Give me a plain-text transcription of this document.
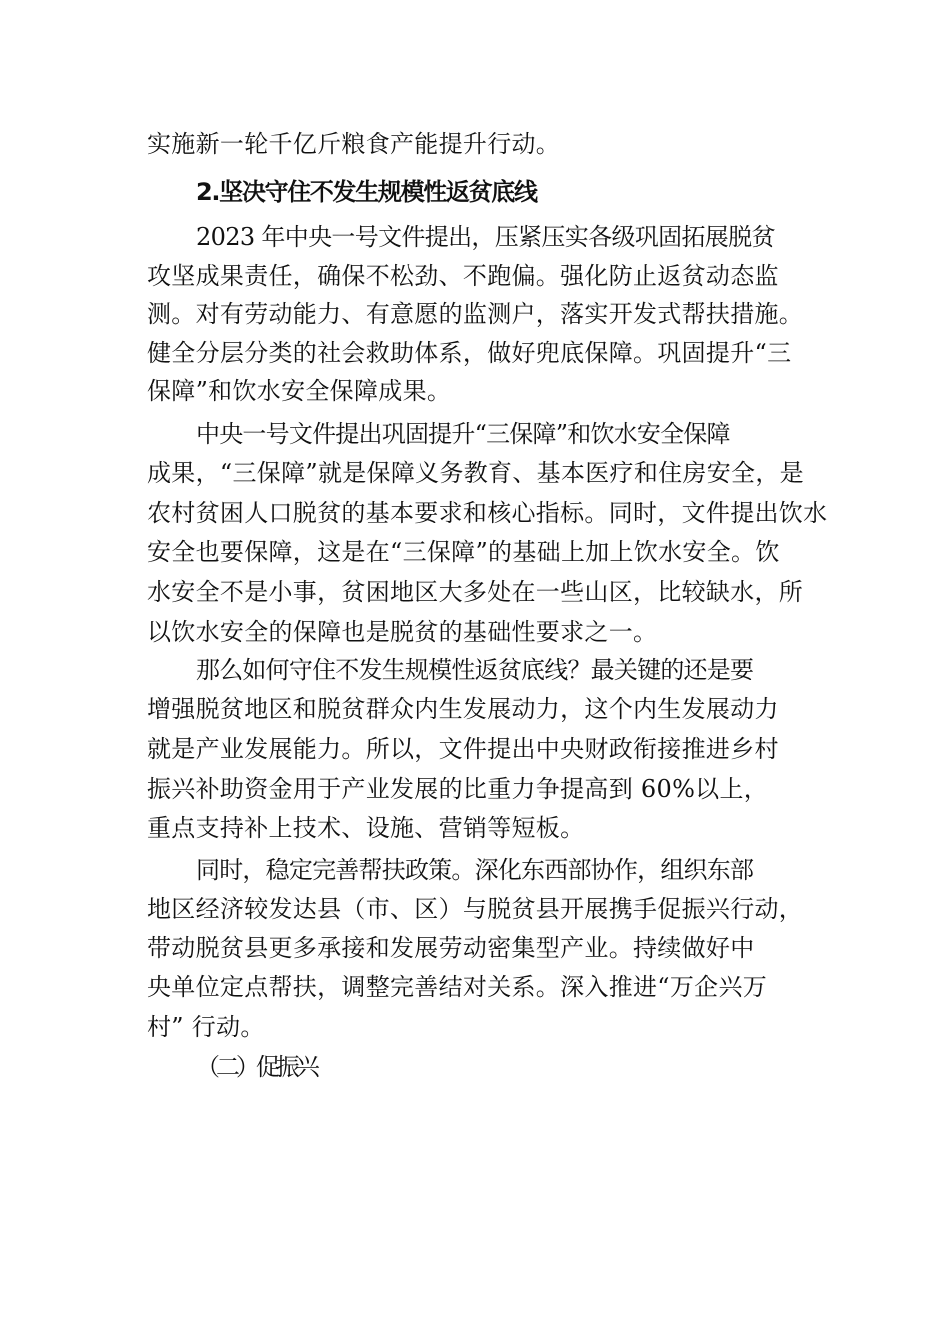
实施新一轮千亿斤粮食产能提升行动。
2.坚决守住不发生规模性返贫底线
2023 年中央一号文件提出，压紧压实各级巩固拓展脱贫
攻坚成果责任，确保不松劲、不跑偏。强化防止返贫动态监
测。对有劳动能力、有意愿的监测户，落实开发式帮扶措施。
健全分层分类的社会救助体系，做好兜底保障。巩固提升“三
保障”和饮水安全保障成果。
中央一号文件提出巩固提升“三保障”和饮水安全保障
成果，“三保障”就是保障义务教育、基本医疗和住房安全，是
农村贫困人口脱贫的基本要求和核心指标。同时，文件提出饮水
安全也要保障，这是在“三保障”的基础上加上饮水安全。饮
水安全不是小事，贫困地区大多处在一些山区，比较缺水，所
以饮水安全的保障也是脱贫的基础性要求之一。
那么如何守住不发生规模性返贫底线？最关键的还是要
增强脱贫地区和脱贫群众内生发展动力，这个内生发展动力
就是产业发展能力。所以，文件提出中央财政衔接推进乡村
振兴补助资金用于产业发展的比重力争提高到 60%以上，
重点支持补上技术、设施、营销等短板。
同时，稳定完善帮扶政策。深化东西部协作，组织东部
地区经济较发达县（市、区）与脱贫县开展携手促振兴行动，
带动脱贫县更多承接和发展劳动密集型产业。持续做好中
央单位定点帮扶，调整完善结对关系。深入推进“万企兴万
村” 行动。
（二）促振兴
